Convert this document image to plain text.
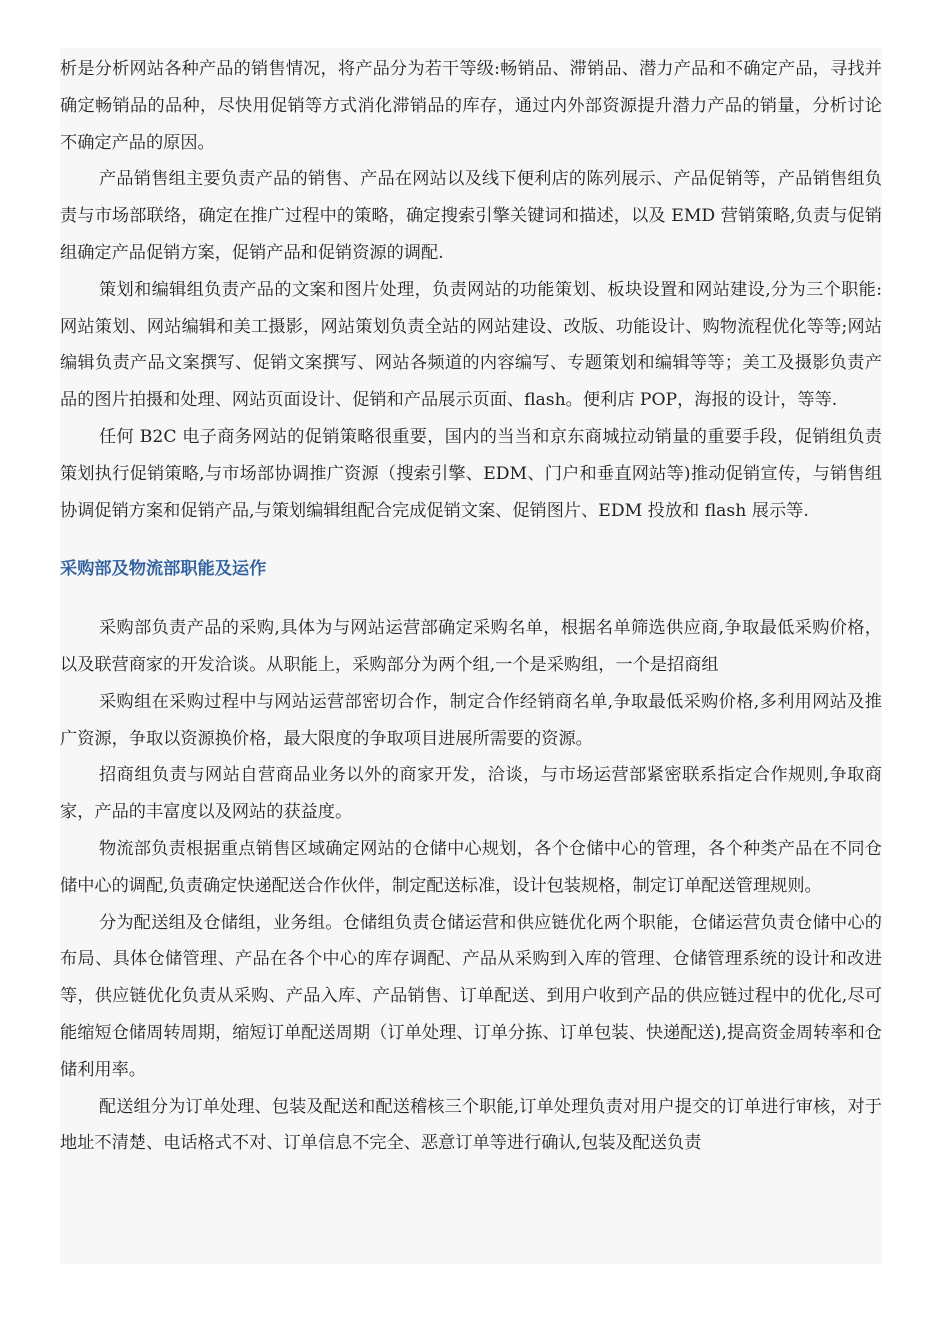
析是分析网站各种产品的销售情况，将产品分为若干等级:畅销品、滞销品、潜力产品和不确定产品，寻找并确定畅销品的品种，尽快用促销等方式消化滞销品的库存，通过内外部资源提升潜力产品的销量，分析讨论不确定产品的原因。

产品销售组主要负责产品的销售、产品在网站以及线下便利店的陈列展示、产品促销等，产品销售组负责与市场部联络，确定在推广过程中的策略，确定搜索引擎关键词和描述，以及 EMD 营销策略,负责与促销组确定产品促销方案，促销产品和促销资源的调配.

策划和编辑组负责产品的文案和图片处理，负责网站的功能策划、板块设置和网站建设,分为三个职能:网站策划、网站编辑和美工摄影，网站策划负责全站的网站建设、改版、功能设计、购物流程优化等等;网站编辑负责产品文案撰写、促销文案撰写、网站各频道的内容编写、专题策划和编辑等等；美工及摄影负责产品的图片拍摄和处理、网站页面设计、促销和产品展示页面、flash。便利店 POP，海报的设计，等等.

任何 B2C 电子商务网站的促销策略很重要，国内的当当和京东商城拉动销量的重要手段，促销组负责策划执行促销策略,与市场部协调推广资源（搜索引擎、EDM、门户和垂直网站等)推动促销宣传，与销售组协调促销方案和促销产品,与策划编辑组配合完成促销文案、促销图片、EDM 投放和 flash 展示等.

采购部及物流部职能及运作

采购部负责产品的采购,具体为与网站运营部确定采购名单，根据名单筛选供应商,争取最低采购价格，以及联营商家的开发洽谈。从职能上，采购部分为两个组,一个是采购组，一个是招商组

采购组在采购过程中与网站运营部密切合作，制定合作经销商名单,争取最低采购价格,多利用网站及推广资源，争取以资源换价格，最大限度的争取项目进展所需要的资源。

招商组负责与网站自营商品业务以外的商家开发，洽谈，与市场运营部紧密联系指定合作规则,争取商家，产品的丰富度以及网站的获益度。

物流部负责根据重点销售区域确定网站的仓储中心规划，各个仓储中心的管理，各个种类产品在不同仓储中心的调配,负责确定快递配送合作伙伴，制定配送标准，设计包装规格，制定订单配送管理规则。

分为配送组及仓储组，业务组。仓储组负责仓储运营和供应链优化两个职能，仓储运营负责仓储中心的布局、具体仓储管理、产品在各个中心的库存调配、产品从采购到入库的管理、仓储管理系统的设计和改进等，供应链优化负责从采购、产品入库、产品销售、订单配送、到用户收到产品的供应链过程中的优化,尽可能缩短仓储周转周期，缩短订单配送周期（订单处理、订单分拣、订单包装、快递配送),提高资金周转率和仓储利用率。

配送组分为订单处理、包装及配送和配送稽核三个职能,订单处理负责对用户提交的订单进行审核，对于地址不清楚、电话格式不对、订单信息不完全、恶意订单等进行确认,包装及配送负责
